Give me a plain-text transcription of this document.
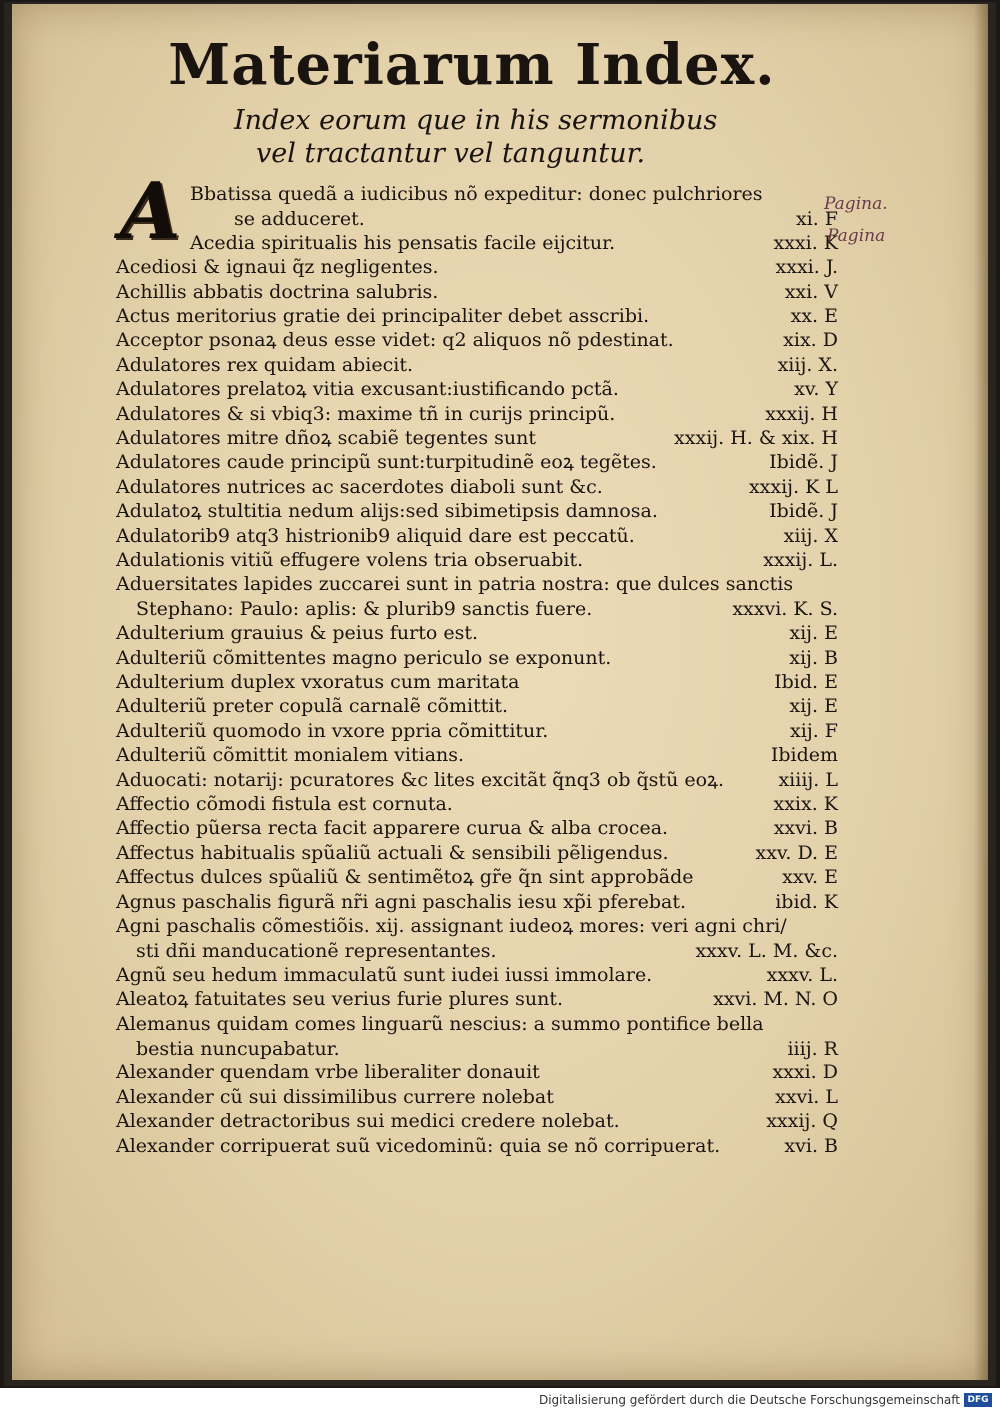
Materiarum Index.
Index eorum que in his sermonibus
vel tractantur vel tanguntur.
A	Pagina.
Pagina
Bbatissa quedã a iudicibus nõ expeditur: donec pulchriores
se adduceret.	xi. F
Acedia spiritualis his pensatis facile eijcitur.	xxxi. K
Acediosi & ignaui q̃z negligentes.	xxxi. J.
Achillis abbatis doctrina salubris.	xxi. V
Actus meritorius gratie dei principaliter debet asscribi.	xx. E
Acceptor psonaꝝ deus esse videt: q2 aliquos nõ pdestinat.	xix. D
Adulatores rex quidam abiecit.	xiij. X.
Adulatores prelatoꝝ vitia excusant:iustificando pctã.	xv. Y
Adulatores & si vbiq3: maxime tñ in curijs principũ.	xxxij. H
Adulatores mitre dñoꝝ scabiẽ tegentes sunt	xxxij. H. & xix. H
Adulatores caude principũ sunt:turpitudinẽ eoꝝ tegẽtes.	Ibidẽ. J
Adulatores nutrices ac sacerdotes diaboli sunt &c.	xxxij. K L
Adulatoꝝ stultitia nedum alijs:sed sibimetipsis damnosa.	Ibidẽ. J
Adulatorib9 atq3 histrionib9 aliquid dare est peccatũ.	xiij. X
Adulationis vitiũ effugere volens tria obseruabit.	xxxij. L.
Aduersitates lapides zuccarei sunt in patria nostra: que dulces sanctis
Stephano: Paulo: aplis: & plurib9 sanctis fuere.	xxxvi. K. S.
Adulterium grauius & peius furto est.	xij. E
Adulteriũ cõmittentes magno periculo se exponunt.	xij. B
Adulterium duplex vxoratus cum maritata	Ibid. E
Adulteriũ preter copulã carnalẽ cõmittit.	xij. E
Adulteriũ quomodo in vxore ppria cõmittitur.	xij. F
Adulteriũ cõmittit monialem vitians.	Ibidem
Aduocati: notarij: pcuratores &c lites excitãt q̃nq3 ob q̃stũ eoꝝ.	xiiij. L
Affectio cõmodi fistula est cornuta.	xxix. K
Affectio pũersa recta facit apparere curua & alba crocea.	xxvi. B
Affectus habitualis spũaliũ actuali & sensibili pẽligendus.	xxv. D. E
Affectus dulces spũaliũ & sentimẽtoꝝ gr̃e q̃n sint approbãde	xxv. E
Agnus paschalis figurã nr̃i agni paschalis iesu xp̃i pferebat.	ibid. K
Agni paschalis cõmestiõis. xij. assignant iudeoꝝ mores: veri agni chri/
sti dñi manducationẽ representantes.	xxxv. L. M. &c.
Agnũ seu hedum immaculatũ sunt iudei iussi immolare.	xxxv. L.
Aleatoꝝ fatuitates seu verius furie plures sunt.	xxvi. M. N. O
Alemanus quidam comes linguarũ nescius: a summo pontifice bella
bestia nuncupabatur.	iiij. R
Alexander quendam vrbe liberaliter donauit	xxxi. D
Alexander cũ sui dissimilibus currere nolebat	xxvi. L
Alexander detractoribus sui medici credere nolebat.	xxxij. Q
Alexander corripuerat suũ vicedominũ: quia se nõ corripuerat.	xvi. B
Digitalisierung gefördert durch die Deutsche Forschungsgemeinschaft DFG
